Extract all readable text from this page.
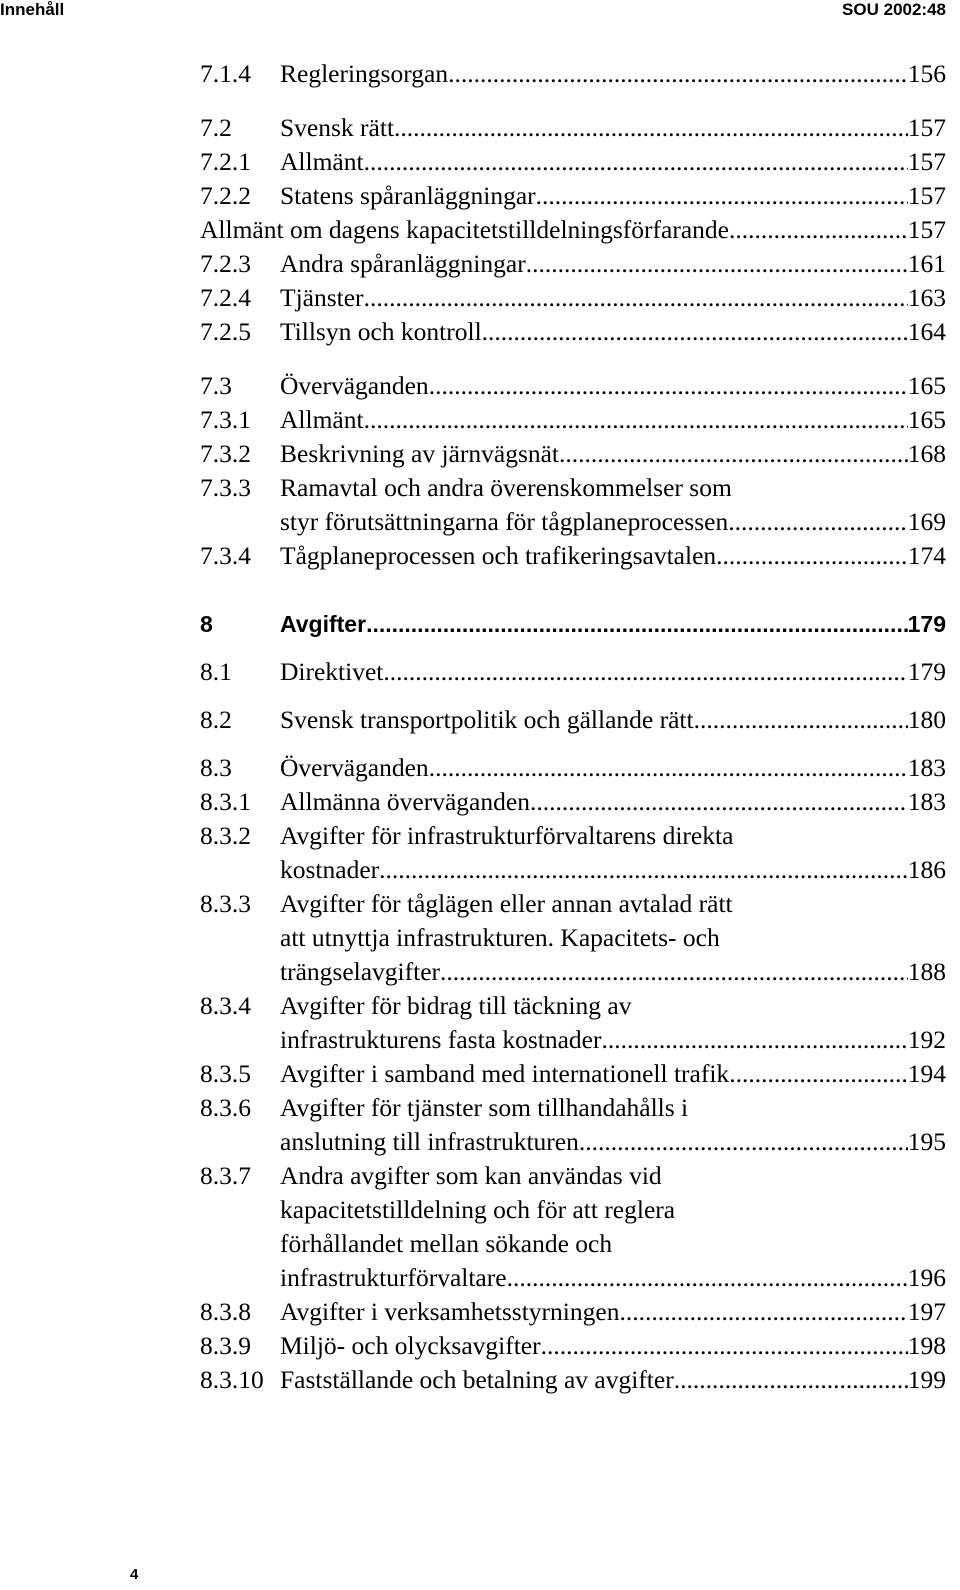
Innehåll	SOU 2002:48
7.1.4	Regleringsorgan .....	156
7.2	Svensk rätt .....	157
7.2.1	Allmänt .....	157
7.2.2	Statens spåranläggningar .....	157
Allmänt om dagens kapacitetstilldelningsförfarande .....	157
7.2.3	Andra spåranläggningar .....	161
7.2.4	Tjänster .....	163
7.2.5	Tillsyn och kontroll .....	164
7.3	Överväganden .....	165
7.3.1	Allmänt .....	165
7.3.2	Beskrivning av järnvägsnät .....	168
7.3.3	Ramavtal och andra överenskommelser som
styr förutsättningarna för tågplaneprocessen .....	169
7.3.4	Tågplaneprocessen och trafikeringsavtalen .....	174
8	Avgifter .....	179
8.1	Direktivet .....	179
8.2	Svensk transportpolitik och gällande rätt .....	180
8.3	Överväganden .....	183
8.3.1	Allmänna överväganden .....	183
8.3.2	Avgifter för infrastrukturförvaltarens direkta
kostnader .....	186
8.3.3	Avgifter för tåglägen eller annan avtalad rätt
att utnyttja infrastrukturen. Kapacitets- och
trängselavgifter .....	188
8.3.4	Avgifter för bidrag till täckning av
infrastrukturens fasta kostnader .....	192
8.3.5	Avgifter i samband med internationell trafik .....	194
8.3.6	Avgifter för tjänster som tillhandahålls i
anslutning till infrastrukturen .....	195
8.3.7	Andra avgifter som kan användas vid
kapacitetstilldelning och för att reglera
förhållandet mellan sökande och
infrastrukturförvaltare .....	196
8.3.8	Avgifter i verksamhetsstyrningen .....	197
8.3.9	Miljö- och olycksavgifter .....	198
8.3.10 Fastställande och betalning av avgifter .....	199
4
